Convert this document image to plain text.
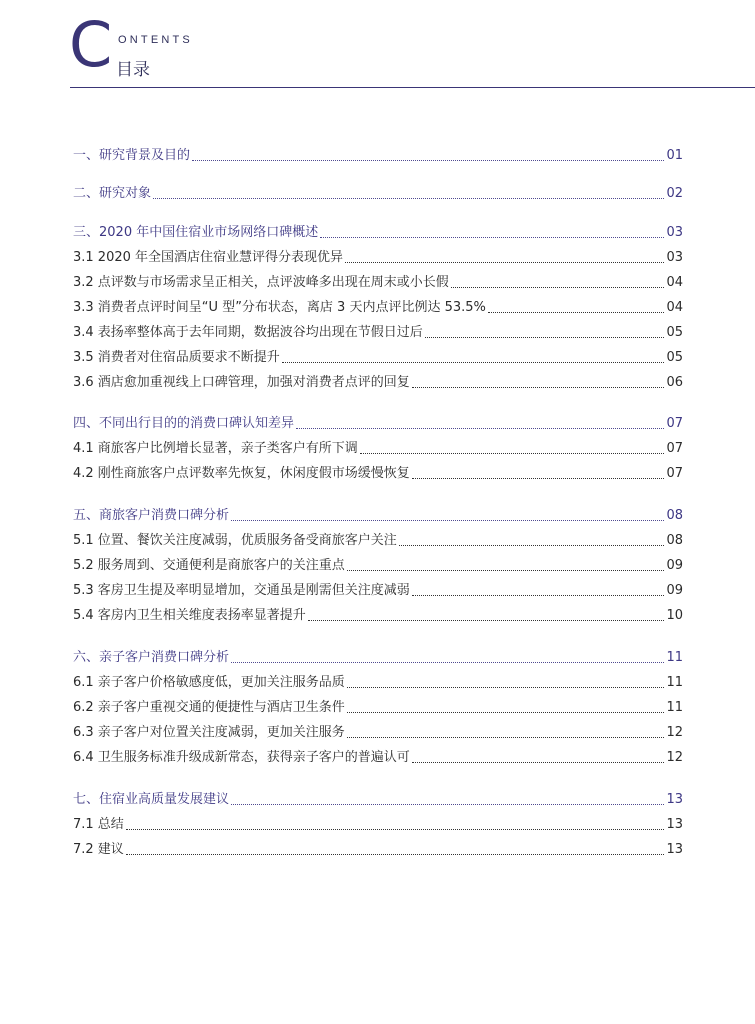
C ONTENTS
目录
一、研究背景及目的	01
二、研究对象	02
三、2020 年中国住宿业市场网络口碑概述	03
3.1 2020 年全国酒店住宿业慧评得分表现优异	03
3.2 点评数与市场需求呈正相关，点评波峰多出现在周末或小长假	04
3.3 消费者点评时间呈“U 型”分布状态，离店 3 天内点评比例达 53.5%	04
3.4 表扬率整体高于去年同期，数据波谷均出现在节假日过后	05
3.5 消费者对住宿品质要求不断提升	05
3.6 酒店愈加重视线上口碑管理，加强对消费者点评的回复	06
四、不同出行目的的消费口碑认知差异	07
4.1 商旅客户比例增长显著，亲子类客户有所下调	07
4.2 刚性商旅客户点评数率先恢复，休闲度假市场缓慢恢复	07
五、商旅客户消费口碑分析	08
5.1 位置、餐饮关注度减弱，优质服务备受商旅客户关注	08
5.2 服务周到、交通便利是商旅客户的关注重点	09
5.3 客房卫生提及率明显增加，交通虽是刚需但关注度减弱	09
5.4 客房内卫生相关维度表扬率显著提升	10
六、亲子客户消费口碑分析	11
6.1 亲子客户价格敏感度低，更加关注服务品质	11
6.2 亲子客户重视交通的便捷性与酒店卫生条件	11
6.3 亲子客户对位置关注度减弱，更加关注服务	12
6.4 卫生服务标准升级成新常态，获得亲子客户的普遍认可	12
七、住宿业高质量发展建议	13
7.1 总结	13
7.2 建议	13
